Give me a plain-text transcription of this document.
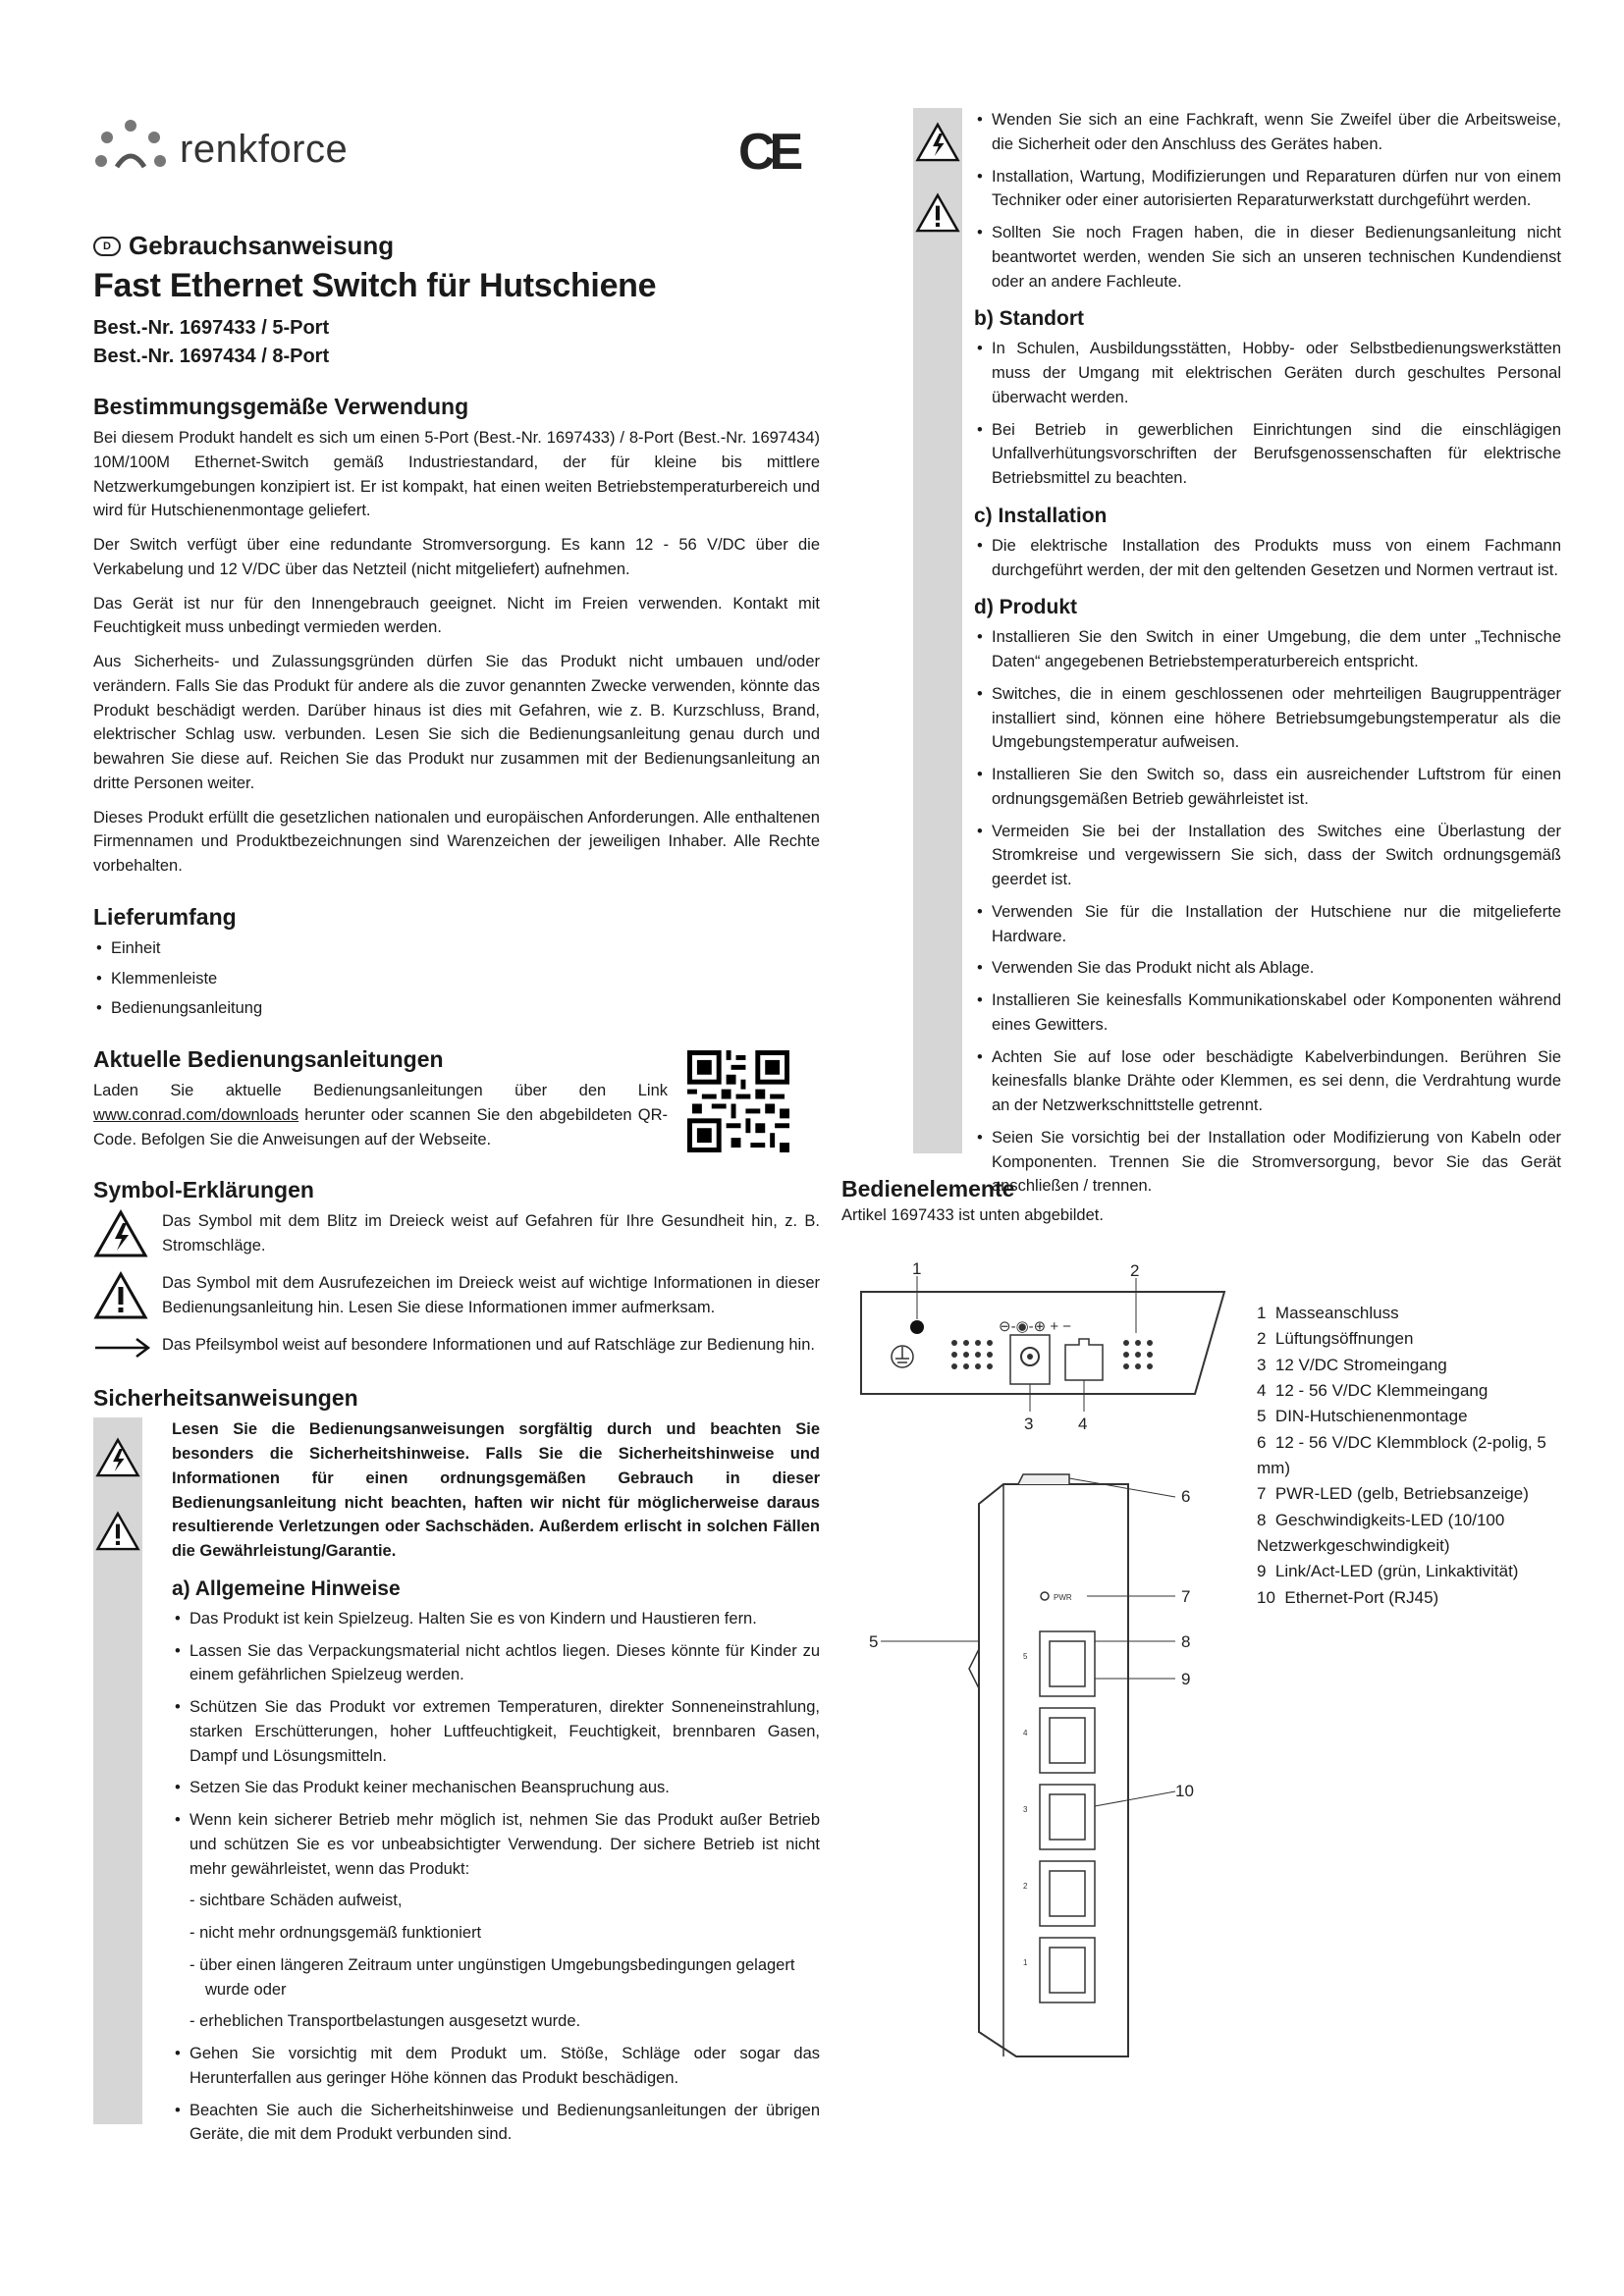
renkforce	CE
D Gebrauchsanweisung
Fast Ethernet Switch für Hutschiene
Best.-Nr. 1697433 / 5-Port
Best.-Nr. 1697434 / 8-Port
Bestimmungsgemäße Verwendung

Bei diesem Produkt handelt es sich um einen 5-Port (Best.-Nr. 1697433) / 8-Port (Best.-Nr. 1697434) 10M/100M Ethernet-Switch gemäß Industriestandard, der für kleine bis mittlere Netzwerkumgebungen konzipiert ist. Er ist kompakt, hat einen weiten Betriebstemperaturbereich und wird für Hutschienenmontage geliefert.

Der Switch verfügt über eine redundante Stromversorgung. Es kann 12 - 56 V/DC über die Verkabelung und 12 V/DC über das Netzteil (nicht mitgeliefert) aufnehmen.

Das Gerät ist nur für den Innengebrauch geeignet. Nicht im Freien verwenden. Kontakt mit Feuchtigkeit muss unbedingt vermieden werden.

Aus Sicherheits- und Zulassungsgründen dürfen Sie das Produkt nicht umbauen und/oder verändern. Falls Sie das Produkt für andere als die zuvor genannten Zwecke verwenden, könnte das Produkt beschädigt werden. Darüber hinaus ist dies mit Gefahren, wie z. B. Kurzschluss, Brand, elektrischer Schlag usw. verbunden. Lesen Sie sich die Bedienungsanleitung genau durch und bewahren Sie diese auf. Reichen Sie das Produkt nur zusammen mit der Bedienungsanleitung an dritte Personen weiter.

Dieses Produkt erfüllt die gesetzlichen nationalen und europäischen Anforderungen. Alle enthaltenen Firmennamen und Produktbezeichnungen sind Warenzeichen der jeweiligen Inhaber. Alle Rechte vorbehalten.

Lieferumfang
• Einheit
• Klemmenleiste
• Bedienungsanleitung
Aktuelle Bedienungsanleitungen

Laden Sie aktuelle Bedienungsanleitungen über den Link www.conrad.com/downloads herunter oder scannen Sie den abgebildeten QR-Code. Befolgen Sie die Anweisungen auf der Webseite.

Symbol-Erklärungen
Das Symbol mit dem Blitz im Dreieck weist auf Gefahren für Ihre Gesundheit hin, z. B. Stromschläge.
Das Symbol mit dem Ausrufezeichen im Dreieck weist auf wichtige Informationen in dieser Bedienungsanleitung hin. Lesen Sie diese Informationen immer aufmerksam.
Das Pfeilsymbol weist auf besondere Informationen und auf Ratschläge zur Bedienung hin.
Sicherheitsanweisungen

Lesen Sie die Bedienungsanweisungen sorgfältig durch und beachten Sie besonders die Sicherheitshinweise. Falls Sie die Sicherheitshinweise und Informationen für einen ordnungsgemäßen Gebrauch in dieser Bedienungsanleitung nicht beachten, haften wir nicht für möglicherweise daraus resultierende Verletzungen oder Sachschäden. Außerdem erlischt in solchen Fällen die Gewährleistung/Garantie.

a) Allgemeine Hinweise
• Das Produkt ist kein Spielzeug. Halten Sie es von Kindern und Haustieren fern.
• Lassen Sie das Verpackungsmaterial nicht achtlos liegen. Dieses könnte für Kinder zu einem gefährlichen Spielzeug werden.
• Schützen Sie das Produkt vor extremen Temperaturen, direkter Sonneneinstrahlung, starken Erschütterungen, hoher Luftfeuchtigkeit, Feuchtigkeit, brennbaren Gasen, Dampf und Lösungsmitteln.
• Setzen Sie das Produkt keiner mechanischen Beanspruchung aus.
• Wenn kein sicherer Betrieb mehr möglich ist, nehmen Sie das Produkt außer Betrieb und schützen Sie es vor unbeabsichtigter Verwendung. Der sichere Betrieb ist nicht mehr gewährleistet, wenn das Produkt:
- sichtbare Schäden aufweist,
- nicht mehr ordnungsgemäß funktioniert
- über einen längeren Zeitraum unter ungünstigen Umgebungsbedingungen gelagert wurde oder
- erheblichen Transportbelastungen ausgesetzt wurde.
• Gehen Sie vorsichtig mit dem Produkt um. Stöße, Schläge oder sogar das Herunterfallen aus geringer Höhe können das Produkt beschädigen.
• Beachten Sie auch die Sicherheitshinweise und Bedienungsanleitungen der übrigen Geräte, die mit dem Produkt verbunden sind.
• Wenden Sie sich an eine Fachkraft, wenn Sie Zweifel über die Arbeitsweise, die Sicherheit oder den Anschluss des Gerätes haben.
• Installation, Wartung, Modifizierungen und Reparaturen dürfen nur von einem Techniker oder einer autorisierten Reparaturwerkstatt durchgeführt werden.
• Sollten Sie noch Fragen haben, die in dieser Bedienungsanleitung nicht beantwortet werden, wenden Sie sich an unseren technischen Kundendienst oder an andere Fachleute.
b) Standort
• In Schulen, Ausbildungsstätten, Hobby- oder Selbstbedienungswerkstätten muss der Umgang mit elektrischen Geräten durch geschultes Personal überwacht werden.
• Bei Betrieb in gewerblichen Einrichtungen sind die einschlägigen Unfallverhütungsvorschriften der Berufsgenossenschaften für elektrische Betriebsmittel zu beachten.
c) Installation
• Die elektrische Installation des Produkts muss von einem Fachmann durchgeführt werden, der mit den geltenden Gesetzen und Normen vertraut ist.
d) Produkt
• Installieren Sie den Switch in einer Umgebung, die dem unter „Technische Daten“ angegebenen Betriebstemperaturbereich entspricht.
• Switches, die in einem geschlossenen oder mehrteiligen Baugruppenträger installiert sind, können eine höhere Betriebsumgebungstemperatur als die Umgebungstemperatur aufweisen.
• Installieren Sie den Switch so, dass ein ausreichender Luftstrom für einen ordnungsgemäßen Betrieb gewährleistet ist.
• Vermeiden Sie bei der Installation des Switches eine Überlastung der Stromkreise und vergewissern Sie sich, dass der Switch ordnungsgemäß geerdet ist.
• Verwenden Sie für die Installation der Hutschiene nur die mitgelieferte Hardware.
• Verwenden Sie das Produkt nicht als Ablage.
• Installieren Sie keinesfalls Kommunikationskabel oder Komponenten während eines Gewitters.
• Achten Sie auf lose oder beschädigte Kabelverbindungen. Berühren Sie keinesfalls blanke Drähte oder Klemmen, es sei denn, die Verdrahtung wurde an der Netzwerkschnittstelle getrennt.
• Seien Sie vorsichtig bei der Installation oder Modifizierung von Kabeln oder Komponenten. Trennen Sie die Stromversorgung, bevor Sie das Gerät anschließen / trennen.
Bedienelemente
Artikel 1697433 ist unten abgebildet.
⊖-◉-⊕ + −
1	2
3	4
PWR
5
4
3
2
1
6
7
8
9
10
5
1 Masseanschluss
2 Lüftungsöffnungen
3 12 V/DC Stromeingang
4 12 - 56 V/DC Klemmeingang
5 DIN-Hutschienenmontage
6 12 - 56 V/DC Klemmblock (2-polig, 5 mm)
7 PWR-LED (gelb, Betriebsanzeige)
8 Geschwindigkeits-LED (10/100 Netzwerkgeschwindigkeit)
9 Link/Act-LED (grün, Linkaktivität)
10 Ethernet-Port (RJ45)
